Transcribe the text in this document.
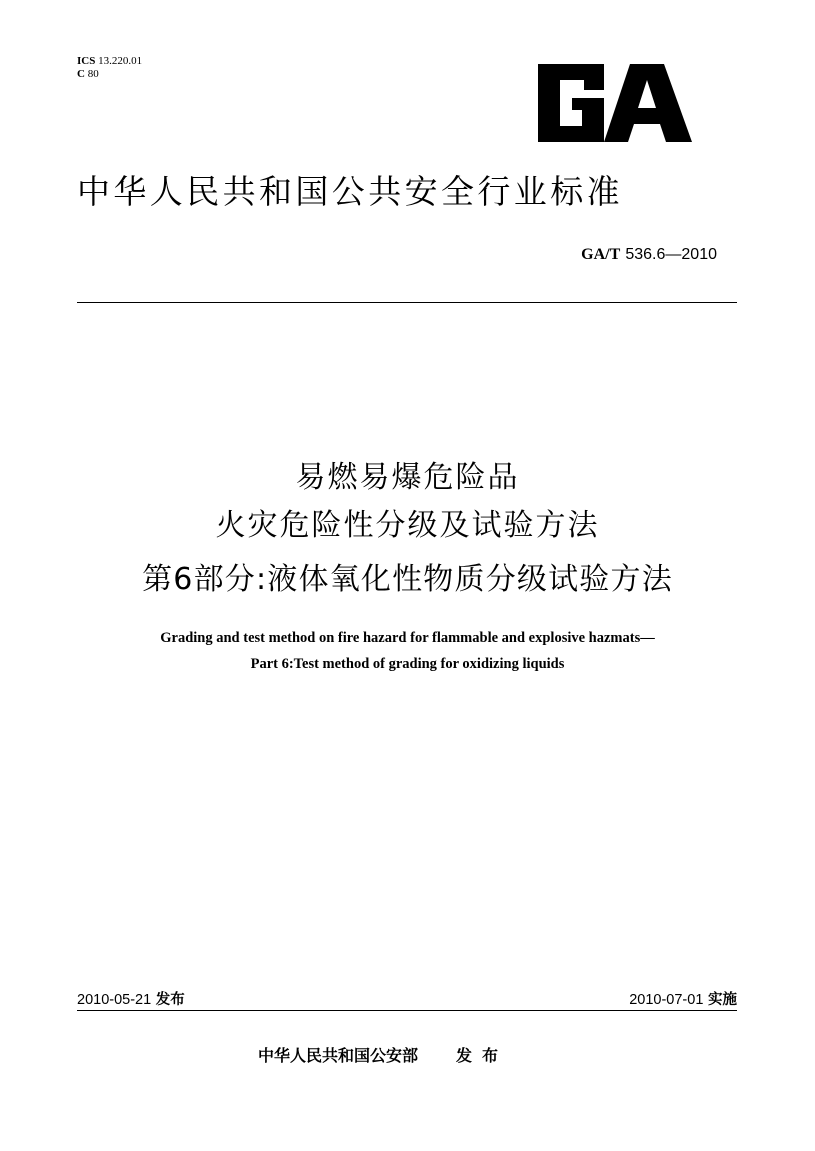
ICS 13.220.01
C 80
中华人民共和国公共安全行业标准
GA/T 536.6—2010
易燃易爆危险品
火灾危险性分级及试验方法
第6部分:液体氧化性物质分级试验方法
Grading and test method on fire hazard for flammable and explosive hazmats—
Part 6:Test method of grading for oxidizing liquids
2010-05-21 发布	2010-07-01 实施
中华人民共和国公安部 发布
